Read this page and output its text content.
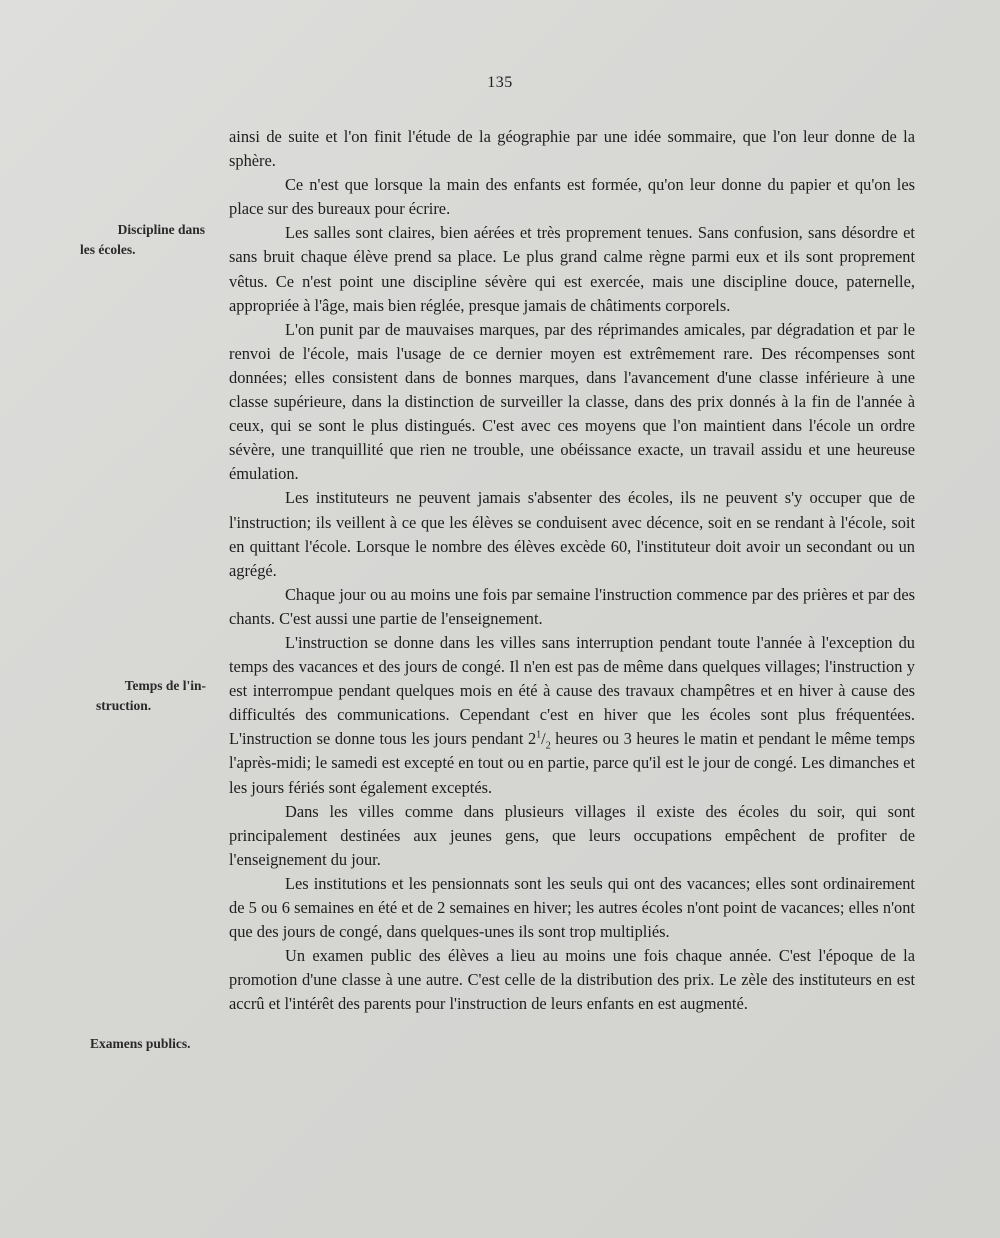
135
Discipline dans
les écoles.
Temps de l'in-
struction.
Examens publics.

ainsi de suite et l'on finit l'étude de la géographie par une idée sommaire, que l'on leur donne de la sphère.

Ce n'est que lorsque la main des enfants est formée, qu'on leur donne du papier et qu'on les place sur des bureaux pour écrire.

Les salles sont claires, bien aérées et très proprement tenues. Sans confusion, sans désordre et sans bruit chaque élève prend sa place. Le plus grand calme règne parmi eux et ils sont proprement vêtus. Ce n'est point une discipline sévère qui est exercée, mais une discipline douce, paternelle, appropriée à l'âge, mais bien réglée, presque jamais de châtiments corporels.

L'on punit par de mauvaises marques, par des réprimandes amicales, par dégradation et par le renvoi de l'école, mais l'usage de ce dernier moyen est extrêmement rare. Des récompenses sont données; elles consistent dans de bonnes marques, dans l'avancement d'une classe inférieure à une classe supérieure, dans la distinction de surveiller la classe, dans des prix donnés à la fin de l'année à ceux, qui se sont le plus distingués. C'est avec ces moyens que l'on maintient dans l'école un ordre sévère, une tranquillité que rien ne trouble, une obéissance exacte, un travail assidu et une heureuse émulation.

Les instituteurs ne peuvent jamais s'absenter des écoles, ils ne peuvent s'y occuper que de l'instruction; ils veillent à ce que les élèves se conduisent avec décence, soit en se rendant à l'école, soit en quittant l'école. Lorsque le nombre des élèves excède 60, l'instituteur doit avoir un secondant ou un agrégé.

Chaque jour ou au moins une fois par semaine l'instruction commence par des prières et par des chants. C'est aussi une partie de l'enseignement.

L'instruction se donne dans les villes sans interruption pendant toute l'année à l'exception du temps des vacances et des jours de congé. Il n'en est pas de même dans quelques villages; l'instruction y est interrompue pendant quelques mois en été à cause des travaux champêtres et en hiver à cause des difficultés des communications. Cependant c'est en hiver que les écoles sont plus fréquentées. L'instruction se donne tous les jours pendant $2^1/_2$ heures ou 3 heures le matin et pendant le même temps l'après-midi; le samedi est excepté en tout ou en partie, parce qu'il est le jour de congé. Les dimanches et les jours fériés sont également exceptés.

Dans les villes comme dans plusieurs villages il existe des écoles du soir, qui sont principalement destinées aux jeunes gens, que leurs occupations empêchent de profiter de l'enseignement du jour.

Les institutions et les pensionnats sont les seuls qui ont des vacances; elles sont ordinairement de 5 ou 6 semaines en été et de 2 semaines en hiver; les autres écoles n'ont point de vacances; elles n'ont que des jours de congé, dans quelques-unes ils sont trop multipliés.

Un examen public des élèves a lieu au moins une fois chaque année. C'est l'époque de la promotion d'une classe à une autre. C'est celle de la distribution des prix. Le zèle des instituteurs en est accrû et l'intérêt des parents pour l'instruction de leurs enfants en est augmenté.
